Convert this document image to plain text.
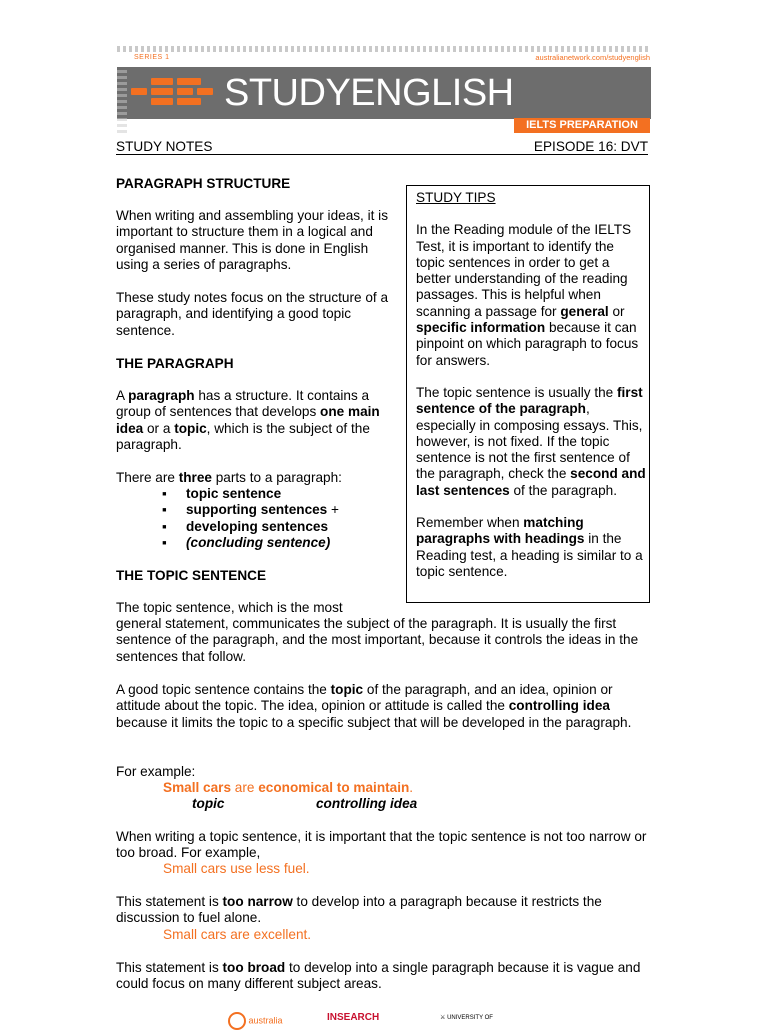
SERIES 1	australianetwork.com/studyenglish
STUDYENGLISH
IELTS PREPARATION
STUDY NOTES	EPISODE 16: DVT
PARAGRAPH STRUCTURE

When writing and assembling your ideas, it is important to structure them in a logical and organised manner. This is done in English using a series of paragraphs.

These study notes focus on the structure of a paragraph, and identifying a good topic sentence.

THE PARAGRAPH

A paragraph has a structure. It contains a group of sentences that develops one main idea or a topic, which is the subject of the paragraph.

There are three parts to a paragraph:

▪ topic sentence
▪ supporting sentences +
▪ developing sentences
▪ (concluding sentence)
THE TOPIC SENTENCE

The topic sentence, which is the most

general statement, communicates the subject of the paragraph. It is usually the first sentence of the paragraph, and the most important, because it controls the ideas in the sentences that follow.

A good topic sentence contains the topic of the paragraph, and an idea, opinion or attitude about the topic. The idea, opinion or attitude is called the controlling idea because it limits the topic to a specific subject that will be developed in the paragraph.

For example:

Small cars are economical to maintain.

topic	controlling idea

When writing a topic sentence, it is important that the topic sentence is not too narrow or too broad. For example,

Small cars use less fuel.

This statement is too narrow to develop into a paragraph because it restricts the discussion to fuel alone.

Small cars are excellent.

This statement is too broad to develop into a single paragraph because it is vague and could focus on many different subject areas.

STUDY TIPS

In the Reading module of the IELTS Test, it is important to identify the topic sentences in order to get a better understanding of the reading passages. This is helpful when scanning a passage for general or specific information because it can pinpoint on which paragraph to focus for answers.

The topic sentence is usually the first sentence of the paragraph, especially in composing essays. This, however, is not fixed. If the topic sentence is not the first sentence of the paragraph, check the second and last sentences of the paragraph.

Remember when matching paragraphs with headings in the Reading test, a heading is similar to a topic sentence.

australia	INSEARCH	⚔ UNIVERSITY OF
